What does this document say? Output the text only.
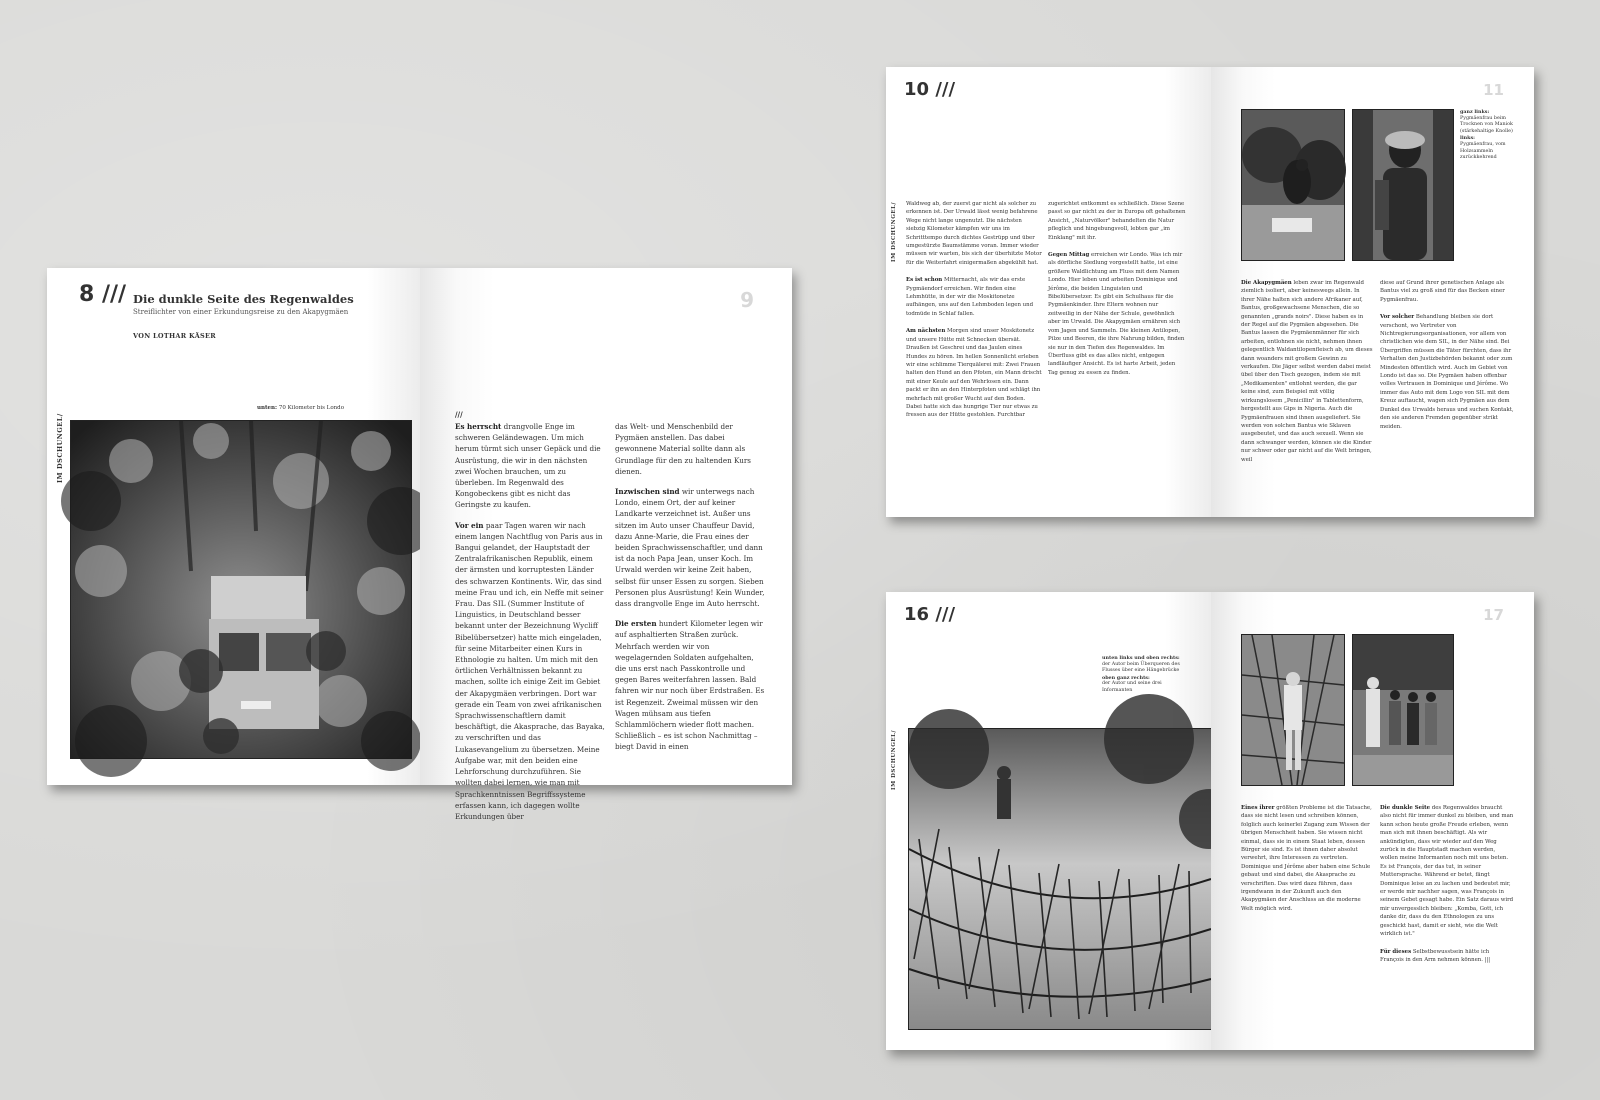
8 /// Die dunkle Seite des Regenwaldes
Streiflichter von einer Erkundungsreise zu den Akapygmäen
VON LOTHAR KÄSER
unten: 70 Kilometer bis Londo
IM DSCHUNGEL/
9
///

Es herrscht drangvolle Enge im schweren Geländewagen. Um mich herum türmt sich unser Gepäck und die Ausrüstung, die wir in den nächsten zwei Wochen brauchen, um zu überleben. Im Regenwald des Kongobeckens gibt es nicht das Geringste zu kaufen.

Vor ein paar Tagen waren wir nach einem langen Nachtflug von Paris aus in Bangui gelandet, der Hauptstadt der Zentralafrikanischen Republik, einem der ärmsten und korruptesten Länder des schwarzen Kontinents. Wir, das sind meine Frau und ich, ein Neffe mit seiner Frau. Das SIL (Summer Institute of Linguistics, in Deutschland besser bekannt unter der Bezeichnung Wycliff Bibelübersetzer) hatte mich eingeladen, für seine Mitarbeiter einen Kurs in Ethnologie zu halten. Um mich mit den örtlichen Verhältnissen bekannt zu machen, sollte ich einige Zeit im Gebiet der Akapygmäen verbringen. Dort war gerade ein Team von zwei afrikanischen Sprachwissenschaftlern damit beschäftigt, die Akasprache, das Bayaka, zu verschriften und das Lukasevangelium zu übersetzen. Meine Aufgabe war, mit den beiden eine Lehrforschung durchzuführen. Sie wollten dabei lernen, wie man mit Sprachkenntnissen Begriffssysteme erfassen kann, ich dagegen wollte Erkundungen über

das Welt- und Menschenbild der Pygmäen anstellen. Das dabei gewonnene Material sollte dann als Grundlage für den zu haltenden Kurs dienen.

Inzwischen sind wir unterwegs nach Londo, einem Ort, der auf keiner Landkarte verzeichnet ist. Außer uns sitzen im Auto unser Chauffeur David, dazu Anne-Marie, die Frau eines der beiden Sprachwissenschaftler, und dann ist da noch Papa Jean, unser Koch. Im Urwald werden wir keine Zeit haben, selbst für unser Essen zu sorgen. Sieben Personen plus Ausrüstung! Kein Wunder, dass drangvolle Enge im Auto herrscht.

Die ersten hundert Kilometer legen wir auf asphaltierten Straßen zurück. Mehrfach werden wir von wegelagernden Soldaten aufgehalten, die uns erst nach Passkontrolle und gegen Bares weiterfahren lassen. Bald fahren wir nur noch über Erdstraßen. Es ist Regenzeit. Zweimal müssen wir den Wagen mühsam aus tiefen Schlammlöchern wieder flott machen. Schließlich – es ist schon Nachmittag – biegt David in einen

10 ///
IM DSCHUNGEL/ Waldweg ab, der zuerst gar nicht als solcher zu erkennen ist. Der Urwald lässt wenig befahrene Wege nicht lange ungenutzt. Die nächsten siebzig Kilometer kämpfen wir uns im Schritttempo durch dichtes Gestrüpp und über umgestürzte Baumstämme voran. Immer wieder müssen wir warten, bis sich der überhitzte Motor für die Weiterfahrt einigermaßen abgekühlt hat.

Es ist schon Mitternacht, als wir das erste Pygmäendorf erreichen. Wir finden eine Lehmhütte, in der wir die Moskitonetze aufhängen, uns auf den Lehmboden legen und todmüde in Schlaf fallen.

Am nächsten Morgen sind unser Moskitonetz und unsere Hütte mit Schnecken übersät. Draußen ist Geschrei und das Jaulen eines Hundes zu hören. Im hellen Sonnenlicht erleben wir eine schlimme Tierquälerei mit: Zwei Frauen halten den Hund an den Pfoten, ein Mann drischt mit einer Keule auf den Wehrlosen ein. Dann packt er ihn an den Hinterpfoten und schlägt ihn mehrfach mit großer Wucht auf den Boden. Dabei hatte sich das hungrige Tier nur etwas zu fressen aus der Hütte gestohlen. Furchtbar

zugerichtet entkommt es schließlich. Diese Szene passt so gar nicht zu der in Europa oft gehaltenen Ansicht, „Naturvölker" behandelten die Natur pfleglich und hingebungsvoll, lebten gar „im Einklang" mit ihr.

Gegen Mittag erreichen wir Londo. Was ich mir als dörfliche Siedlung vorgestellt hatte, ist eine größere Waldlichtung am Fluss mit dem Namen Londo. Hier leben und arbeiten Dominique und Jérôme, die beiden Linguisten und Bibelübersetzer. Es gibt ein Schulhaus für die Pygmäenkinder. Ihre Eltern wohnen nur zeitweilig in der Nähe der Schule, gewöhnlich aber im Urwald. Die Akapygmäen ernähren sich vom Jagen und Sammeln. Die kleinen Antilopen, Pilze und Beeren, die ihre Nahrung bilden, finden sie nur in den Tiefen des Regenwaldes. Im Überfluss gibt es das alles nicht, entgegen landläufiger Ansicht. Es ist harte Arbeit, jeden Tag genug zu essen zu finden.

11
ganz links:
Pygmäenfrau beim Trocknen von Maniok (stärkehaltige Knolle)
links:
Pygmäenfrau, vom Holzsammeln zurückkehrend

Die Akapygmäen leben zwar im Regenwald ziemlich isoliert, aber keineswegs allein. In ihrer Nähe halten sich andere Afrikaner auf, Bantus, großgewachsene Menschen, die so genannten „grands noirs". Diese haben es in der Regel auf die Pygmäen abgesehen. Die Bantus lassen die Pygmäenmänner für sich arbeiten, entlohnen sie nicht, nehmen ihnen gelegentlich Waldantilopenfleisch ab, um dieses dann woanders mit großem Gewinn zu verkaufen. Die Jäger selbst werden dabei meist übel über den Tisch gezogen, indem sie mit „Medikamenten" entlohnt werden, die gar keine sind, zum Beispiel mit völlig wirkungslosem „Penicillin" in Tablettenform, hergestellt aus Gips in Nigeria. Auch die Pygmäenfrauen sind ihnen ausgeliefert. Sie werden von solchen Bantus wie Sklaven ausgebeutet, und das auch sexuell. Wenn sie dann schwanger werden, können sie die Kinder nur schwer oder gar nicht auf die Welt bringen, weil

diese auf Grund ihrer genetischen Anlage als Bantus viel zu groß sind für das Becken einer Pygmäenfrau.

Vor solcher Behandlung bleiben sie dort verschont, wo Vertreter von Nichtregierungsorganisationen, vor allem von christlichen wie dem SIL, in der Nähe sind. Bei Übergriffen müssen die Täter fürchten, dass ihr Verhalten den Justizbehörden bekannt oder zum Mindesten öffentlich wird. Auch im Gebiet von Londo ist das so. Die Pygmäen haben offenbar volles Vertrauen in Dominique und Jérôme. Wo immer das Auto mit dem Logo von SIL mit dem Kreuz auftaucht, wagen sich Pygmäen aus dem Dunkel des Urwalds heraus und suchen Kontakt, den sie anderen Fremden gegenüber strikt meiden.

16 ///
unten links und oben rechts:
der Autor beim Überqueren des Flusses über eine Hängebrücke
oben ganz rechts:
der Autor und seine drei Informanten
IM DSCHUNGEL/
17

Eines ihrer größten Probleme ist die Tatsache, dass sie nicht lesen und schreiben können, folglich auch keinerlei Zugang zum Wissen der übrigen Menschheit haben. Sie wissen nicht einmal, dass sie in einem Staat leben, dessen Bürger sie sind. Es ist ihnen daher absolut verwehrt, ihre Interessen zu vertreten. Dominique und Jérôme aber haben eine Schule gebaut und sind dabei, die Akasprache zu verschriften. Das wird dazu führen, dass irgendwann in der Zukunft auch den Akapygmäen der Anschluss an die moderne Welt möglich wird.

Die dunkle Seite des Regenwaldes braucht also nicht für immer dunkel zu bleiben, und man kann schon heute große Freude erleben, wenn man sich mit ihnen beschäftigt. Als wir ankündigten, dass wir wieder auf den Weg zurück in die Hauptstadt machen werden, wollen meine Informanten noch mit uns beten. Es ist François, der das tut, in seiner Muttersprache. Während er betet, fängt Dominique leise an zu lachen und bedeutet mir, er werde mir nachher sagen, was François in seinem Gebet gesagt habe. Ein Satz daraus wird mir unvergesslich bleiben: „Komba, Gott, ich danke dir, dass du den Ethnologen zu uns geschickt hast, damit er sieht, wie die Welt wirklich ist."

Für dieses Selbstbewusstsein hätte ich François in den Arm nehmen können. |||
